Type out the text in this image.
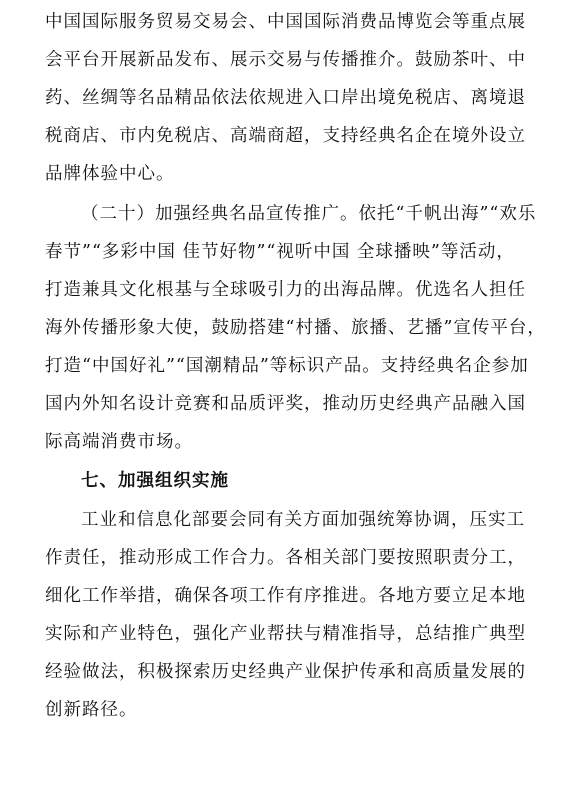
中国国际服务贸易交易会、中国国际消费品博览会等重点展
会平台开展新品发布、展示交易与传播推介。鼓励茶叶、中
药、丝绸等名品精品依法依规进入口岸出境免税店、离境退
税商店、市内免税店、高端商超，支持经典名企在境外设立
品牌体验中心。
（二十）加强经典名品宣传推广。依托“千帆出海”“欢乐
春节”“多彩中国 佳节好物”“视听中国 全球播映”等活动，
打造兼具文化根基与全球吸引力的出海品牌。优选名人担任
海外传播形象大使，鼓励搭建“村播、旅播、艺播”宣传平台，
打造“中国好礼”“国潮精品”等标识产品。支持经典名企参加
国内外知名设计竞赛和品质评奖，推动历史经典产品融入国
际高端消费市场。
七、加强组织实施
工业和信息化部要会同有关方面加强统筹协调，压实工
作责任，推动形成工作合力。各相关部门要按照职责分工，
细化工作举措，确保各项工作有序推进。各地方要立足本地
实际和产业特色，强化产业帮扶与精准指导，总结推广典型
经验做法，积极探索历史经典产业保护传承和高质量发展的
创新路径。
